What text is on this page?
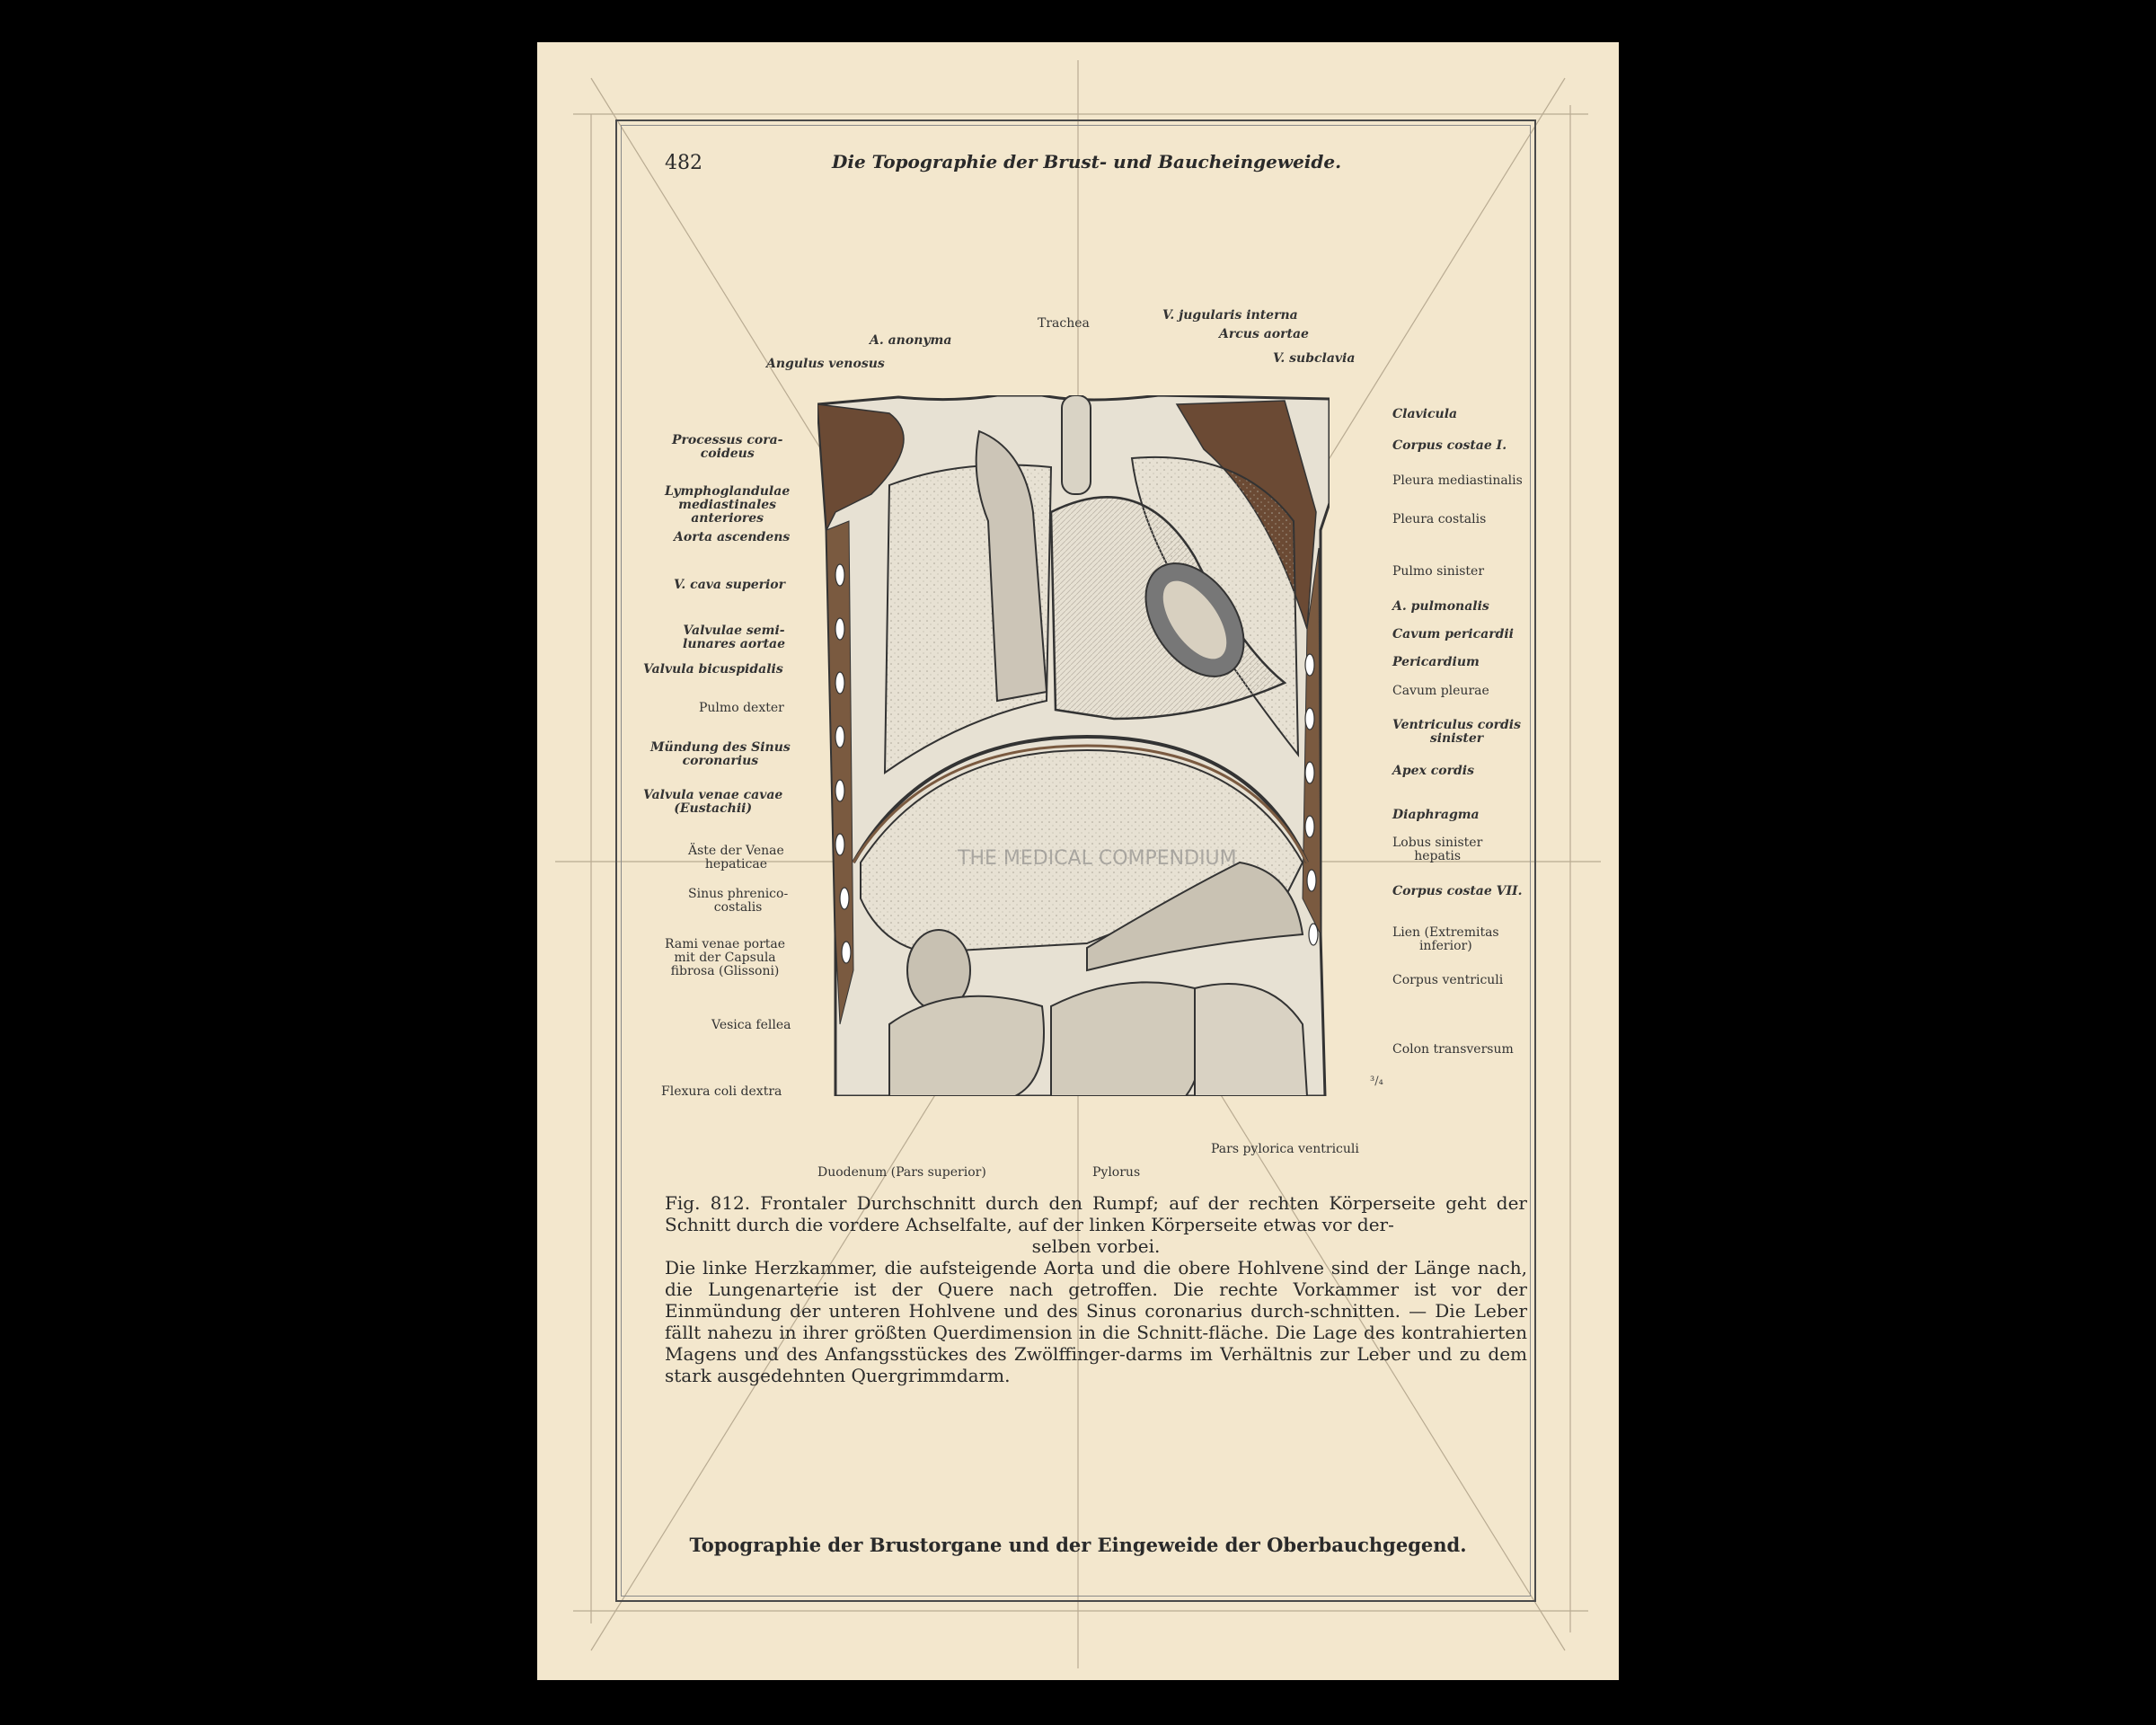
482	Die Topographie der Brust- und Baucheingeweide.
THE MEDICAL COMPENDIUM
³/₄
Trachea
A. anonyma
Angulus venosus
V. jugularis interna
Arcus aortae
V. subclavia
Processus cora-
coideus
Lymphoglandulae
mediastinales
anteriores
Aorta ascendens
V. cava superior
Valvulae semi-
lunares aortae
Valvula bicuspidalis
Pulmo dexter
Mündung des Sinus
coronarius
Valvula venae cavae
(Eustachii)
Äste der Venae
hepaticae
Sinus phrenico-
costalis
Rami venae portae
mit der Capsula
fibrosa (Glissoni)
Vesica fellea
Flexura coli dextra
Clavicula
Corpus costae I.
Pleura mediastinalis
Pleura costalis
Pulmo sinister
A. pulmonalis
Cavum pericardii
Pericardium
Cavum pleurae
Ventriculus cordis
sinister
Apex cordis
Diaphragma
Lobus sinister
hepatis
Corpus costae VII.
Lien (Extremitas
inferior)
Corpus ventriculi
Colon transversum
Duodenum (Pars superior)	Pylorus
Pars pylorica ventriculi

Fig. 812. Frontaler Durchschnitt durch den Rumpf; auf der rechten Körperseite geht der Schnitt durch die vordere Achselfalte, auf der linken Körperseite etwas vor der-

selben vorbei.

Die linke Herzkammer, die aufsteigende Aorta und die obere Hohlvene sind der Länge nach, die Lungenarterie ist der Quere nach getroffen. Die rechte Vorkammer ist vor der Einmündung der unteren Hohlvene und des Sinus coronarius durch-schnitten. — Die Leber fällt nahezu in ihrer größten Querdimension in die Schnitt-fläche. Die Lage des kontrahierten Magens und des Anfangsstückes des Zwölffinger-darms im Verhältnis zur Leber und zu dem stark ausgedehnten Quergrimmdarm.

Topographie der Brustorgane und der Eingeweide der Oberbauchgegend.
